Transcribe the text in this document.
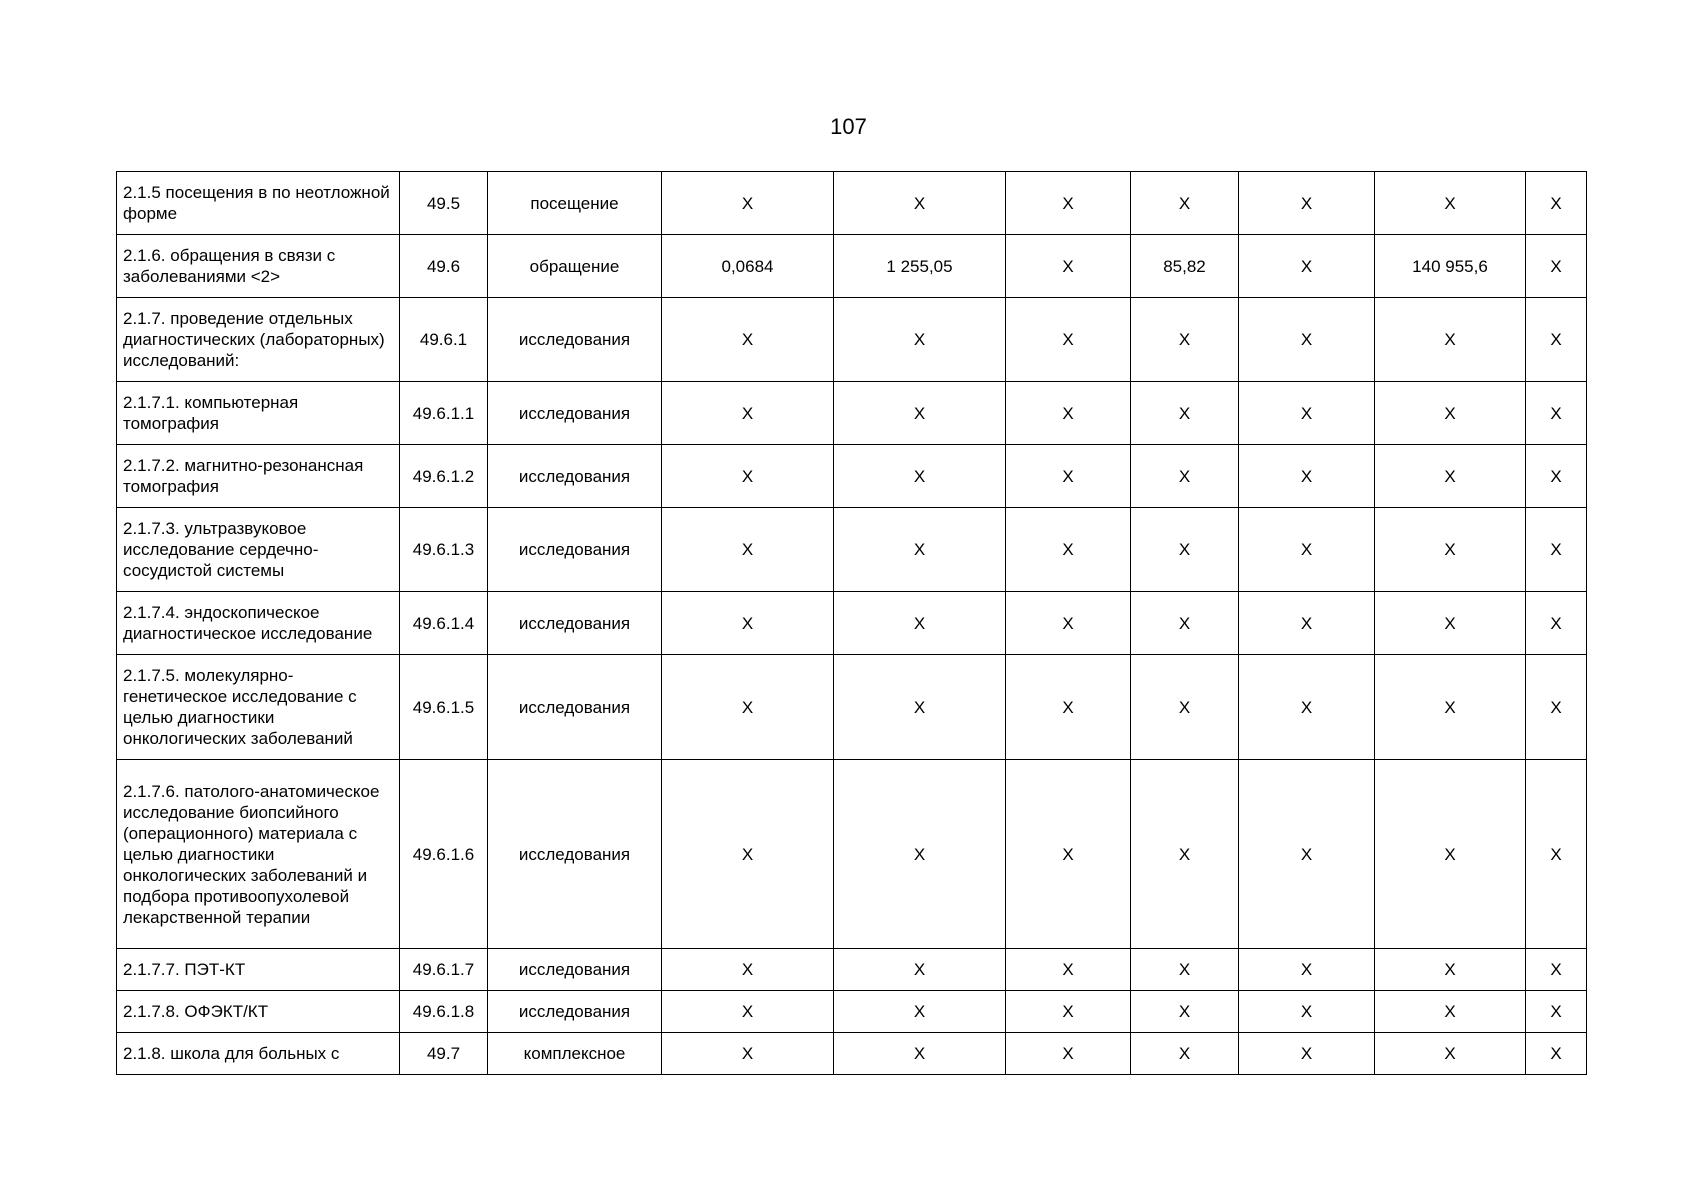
107
2.1.5 посещения в по неотложной форме	49.5	посещение	X	X	X	X	X	X	X
2.1.6. обращения в связи с заболеваниями <2>	49.6	обращение	0,0684	1 255,05	X	85,82	X	140 955,6	X
2.1.7. проведение отдельных диагностических (лабораторных) исследований:	49.6.1	исследования	X	X	X	X	X	X	X
2.1.7.1. компьютерная томография	49.6.1.1	исследования	X	X	X	X	X	X	X
2.1.7.2. магнитно-резонансная томография	49.6.1.2	исследования	X	X	X	X	X	X	X
2.1.7.3. ультразвуковое исследование сердечно-сосудистой системы	49.6.1.3	исследования	X	X	X	X	X	X	X
2.1.7.4. эндоскопическое диагностическое исследование	49.6.1.4	исследования	X	X	X	X	X	X	X
2.1.7.5. молекулярно-генетическое исследование с целью диагностики онкологических заболеваний	49.6.1.5	исследования	X	X	X	X	X	X	X
2.1.7.6. патолого-анатомическое исследование биопсийного (операционного) материала с целью диагностики онкологических заболеваний и подбора противоопухолевой лекарственной терапии	49.6.1.6	исследования	X	X	X	X	X	X	X
2.1.7.7. ПЭТ-КТ	49.6.1.7	исследования	X	X	X	X	X	X	X
2.1.7.8. ОФЭКТ/КТ	49.6.1.8	исследования	X	X	X	X	X	X	X
2.1.8. школа для больных с	49.7	комплексное	X	X	X	X	X	X	X
